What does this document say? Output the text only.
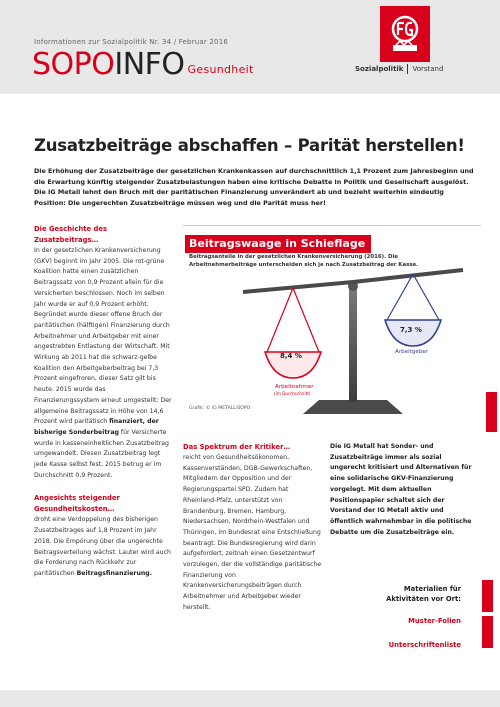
Informationen zur Sozialpolitik Nr. 34 / Februar 2016
SOPO INFO Gesundheit	Sozialpolitik Vorstand
Zusatzbeiträge abschaffen – Parität herstellen!
Die Erhöhung der Zusatzbeiträge der gesetzlichen Krankenkassen auf durchschnittlich 1,1 Prozent zum Jahresbeginn und die Erwartung künftig steigender Zusatzbelastungen haben eine kritische Debatte in Politik und Gesellschaft ausgelöst. Die IG Metall lehnt den Bruch mit der paritätischen Finanzierung unverändert ab und bezieht weiterhin eindeutig Position: Die ungerechten Zusatzbeiträge müssen weg und die Parität muss her!
Die Geschichte des Zusatzbeitrags…
In der gesetzlichen Krankenversicherung (GKV) beginnt im Jahr 2005. Die rot-grüne Koalition hatte einen zusätzlichen Beitragssatz von 0,9 Prozent allein für die Versicherten beschlossen. Noch im selben Jahr wurde er auf 0,9 Prozent erhöht. Begründet wurde dieser offene Bruch der paritätischen (hälftigen) Finanzierung durch Arbeitnehmer und Arbeitgeber mit einer angestrebten Entlastung der Wirtschaft. Mit Wirkung ab 2011 hat die schwarz-gelbe Koalition den Arbeitgeberbeitrag bei 7,3 Prozent eingefroren, dieser Satz gilt bis heute. 2015 wurde das Finanzierungssystem erneut umgestellt: Der allgemeine Beitragssatz in Höhe von 14,6 Prozent wird paritätisch finanziert, der bisherige Sonderbeitrag für Versicherte wurde in kasseneinheitlichen Zusatzbeitrag umgewandelt. Diesen Zusatzbeitrag legt jede Kasse selbst fest, 2015 betrug er im Durchschnitt 0,9 Prozent.
Angesichts steigender Gesundheitskosten…
droht eine Verdoppelung des bisherigen Zusatzbeitrages auf 1,8 Prozent im Jahr 2018. Die Empörung über die ungerechte Beitragsverteilung wächst. Lauter wird auch die Forderung nach Rückkehr zur paritätischen Beitragsfinanzierung.
Beitragswaage in Schieflage
Beitragsanteile in der gesetzlichen Krankenversicherung (2016). Die Arbeitnehmerbeiträge unterscheiden sich je nach Zusatzbeitrag der Kasse.
8,4 %
Arbeitnehmer
(im Durchschnitt)
7,3 %
Arbeitgeber
Grafik: © IG METALL/SOPO
Das Spektrum der Kritiker…
reicht von Gesundheitsökonomen, Kassenverständen, DGB-Gewerkschaften, Mitgliedern der Opposition und der Regierungspartei SPD. Zudem hat Rheinland-Pfalz, unterstützt von Brandenburg, Bremen, Hamburg, Niedersachsen, Nordrhein-Westfalen und Thüringen, im Bundesrat eine Entschließung beantragt. Die Bundesregierung wird darin aufgefordert, zeitnah einen Gesetzentwurf vorzulegen, der die vollständige paritätische Finanzierung von Krankenversicherungsbeiträgen durch Arbeitnehmer und Arbeitgeber wieder herstellt.
Die IG Metall hat Sonder- und Zusatzbeiträge immer als sozial ungerecht kritisiert und Alternativen für eine solidarische GKV-Finanzierung vorgelegt. Mit dem aktuellen Positionspapier schaltet sich der Vorstand der IG Metall aktiv und öffentlich wahrnehmbar in die politische Debatte um die Zusatzbeiträge ein.
Materialien für
Aktivitäten vor Ort:
Muster-Folien
Unterschriftenliste
